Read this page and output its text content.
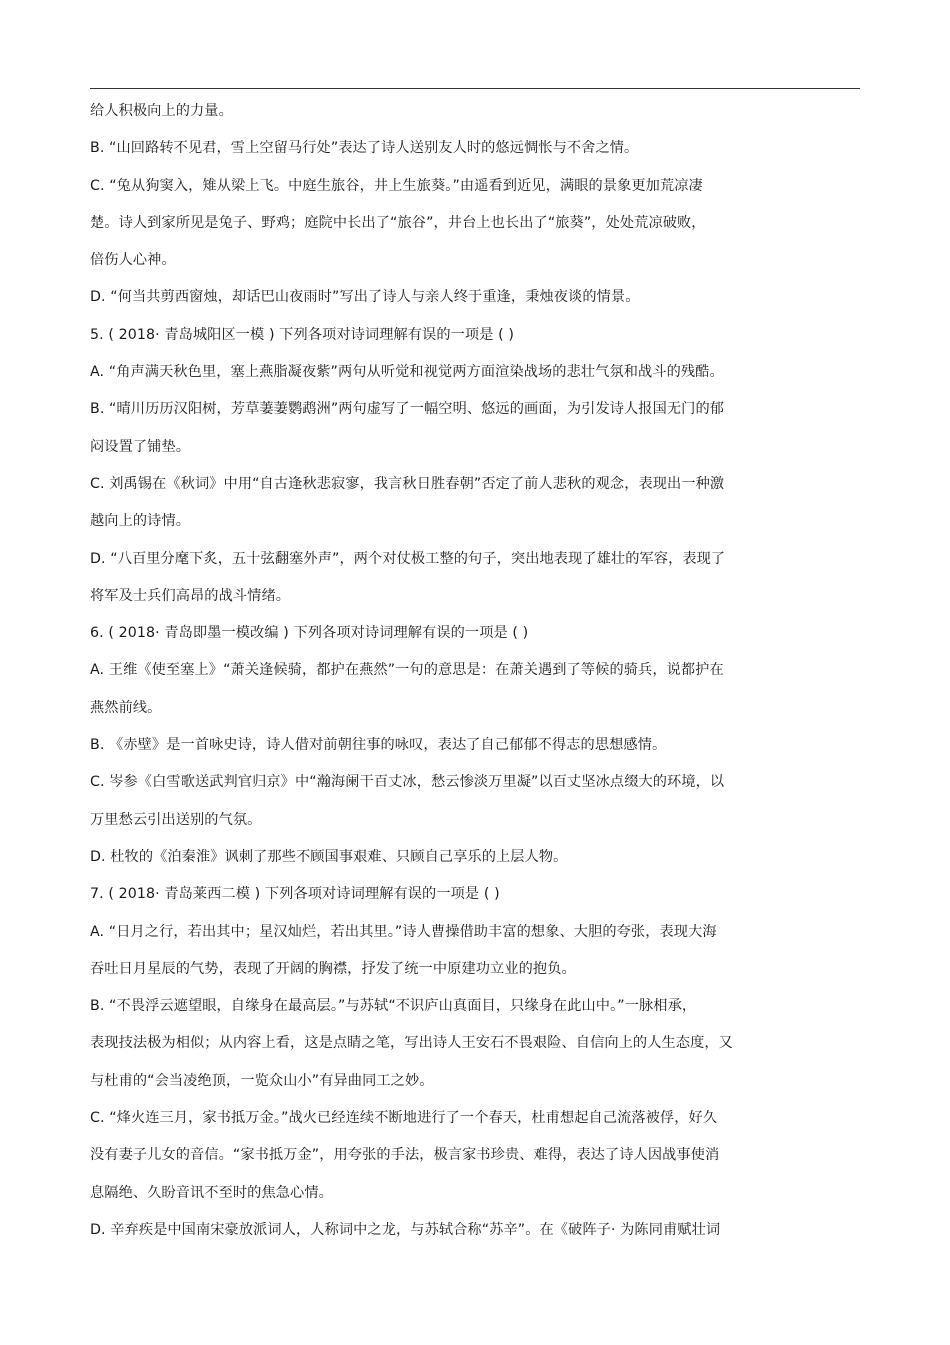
给人积极向上的力量。
B. “山回路转不见君，雪上空留马行处”表达了诗人送别友人时的悠远惆怅与不舍之情。
C. “兔从狗窦入，雉从梁上飞。中庭生旅谷，井上生旅葵。”由遥看到近见，满眼的景象更加荒凉凄
楚。诗人到家所见是兔子、野鸡；庭院中长出了“旅谷”，井台上也长出了“旅葵”，处处荒凉破败，
倍伤人心神。
D. “何当共剪西窗烛，却话巴山夜雨时”写出了诗人与亲人终于重逢，秉烛夜谈的情景。
5. ( 2018· 青岛城阳区一模 ) 下列各项对诗词理解有误的一项是 ( )
A. “角声满天秋色里，塞上燕脂凝夜紫”两句从听觉和视觉两方面渲染战场的悲壮气氛和战斗的残酷。
B. “晴川历历汉阳树，芳草萋萋鹦鹉洲”两句虚写了一幅空明、悠远的画面，为引发诗人报国无门的郁
闷设置了铺垫。
C. 刘禹锡在《秋词》中用“自古逢秋悲寂寥，我言秋日胜春朝”否定了前人悲秋的观念，表现出一种激
越向上的诗情。
D. “八百里分麾下炙，五十弦翻塞外声”，两个对仗极工整的句子，突出地表现了雄壮的军容，表现了
将军及士兵们高昂的战斗情绪。
6. ( 2018· 青岛即墨一模改编 ) 下列各项对诗词理解有误的一项是 ( )
A. 王维《使至塞上》“萧关逢候骑，都护在燕然”一句的意思是：在萧关遇到了等候的骑兵，说都护在
燕然前线。
B. 《赤壁》是一首咏史诗，诗人借对前朝往事的咏叹，表达了自己郁郁不得志的思想感情。
C. 岑参《白雪歌送武判官归京》中“瀚海阑干百丈冰，愁云惨淡万里凝”以百丈坚冰点缀大的环境，以
万里愁云引出送别的气氛。
D. 杜牧的《泊秦淮》讽刺了那些不顾国事艰难、只顾自己享乐的上层人物。
7. ( 2018· 青岛莱西二模 ) 下列各项对诗词理解有误的一项是 ( )
A. “日月之行，若出其中；星汉灿烂，若出其里。”诗人曹操借助丰富的想象、大胆的夸张，表现大海
吞吐日月星辰的气势，表现了开阔的胸襟，抒发了统一中原建功立业的抱负。
B. “不畏浮云遮望眼，自缘身在最高层。”与苏轼“不识庐山真面目，只缘身在此山中。”一脉相承，
表现技法极为相似；从内容上看，这是点睛之笔，写出诗人王安石不畏艰险、自信向上的人生态度，又
与杜甫的“会当凌绝顶，一览众山小”有异曲同工之妙。
C. “烽火连三月，家书抵万金。”战火已经连续不断地进行了一个春天，杜甫想起自己流落被俘，好久
没有妻子儿女的音信。“家书抵万金”，用夸张的手法，极言家书珍贵、难得，表达了诗人因战事使消
息隔绝、久盼音讯不至时的焦急心情。
D. 辛弃疾是中国南宋豪放派词人，人称词中之龙，与苏轼合称“苏辛”。在《破阵子· 为陈同甫赋壮词
